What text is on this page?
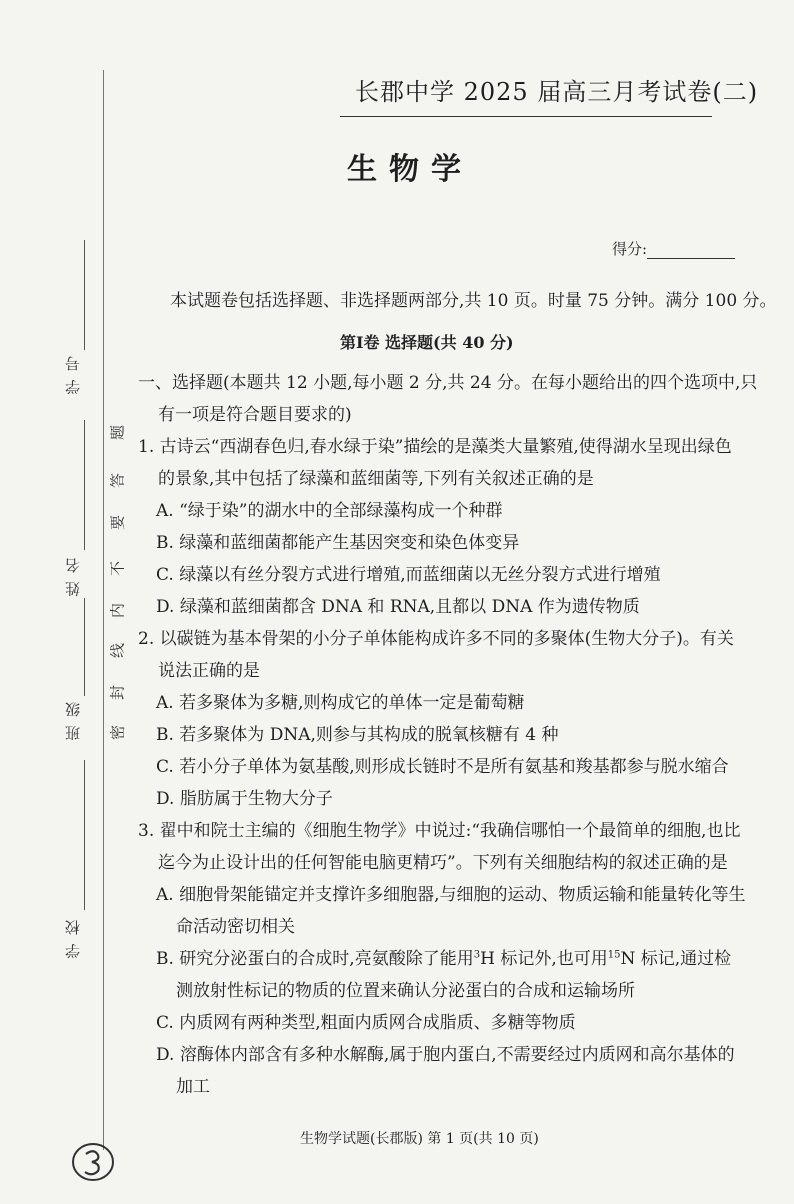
学 号
姓 名
班 级
学 校
题
答
要
不
内
线
封
密
长郡中学 2025 届高三月考试卷(二)
生物学
得分:
本试题卷包括选择题、非选择题两部分,共 10 页。时量 75 分钟。满分 100 分。
第Ⅰ卷 选择题(共 40 分)
一、选择题(本题共 12 小题,每小题 2 分,共 24 分。在每小题给出的四个选项中,只
有一项是符合题目要求的)
1. 古诗云“西湖春色归,春水绿于染”描绘的是藻类大量繁殖,使得湖水呈现出绿色
的景象,其中包括了绿藻和蓝细菌等,下列有关叙述正确的是
A. “绿于染”的湖水中的全部绿藻构成一个种群
B. 绿藻和蓝细菌都能产生基因突变和染色体变异
C. 绿藻以有丝分裂方式进行增殖,而蓝细菌以无丝分裂方式进行增殖
D. 绿藻和蓝细菌都含 DNA 和 RNA,且都以 DNA 作为遗传物质
2. 以碳链为基本骨架的小分子单体能构成许多不同的多聚体(生物大分子)。有关
说法正确的是
A. 若多聚体为多糖,则构成它的单体一定是葡萄糖
B. 若多聚体为 DNA,则参与其构成的脱氧核糖有 4 种
C. 若小分子单体为氨基酸,则形成长链时不是所有氨基和羧基都参与脱水缩合
D. 脂肪属于生物大分子
3. 翟中和院士主编的《细胞生物学》中说过:“我确信哪怕一个最简单的细胞,也比
迄今为止设计出的任何智能电脑更精巧”。下列有关细胞结构的叙述正确的是
A. 细胞骨架能锚定并支撑许多细胞器,与细胞的运动、物质运输和能量转化等生
命活动密切相关
B. 研究分泌蛋白的合成时,亮氨酸除了能用$^3$H 标记外,也可用$^{15}$N 标记,通过检
测放射性标记的物质的位置来确认分泌蛋白的合成和运输场所
C. 内质网有两种类型,粗面内质网合成脂质、多糖等物质
D. 溶酶体内部含有多种水解酶,属于胞内蛋白,不需要经过内质网和高尔基体的
加工
生物学试题(长郡版) 第 1 页(共 10 页)
